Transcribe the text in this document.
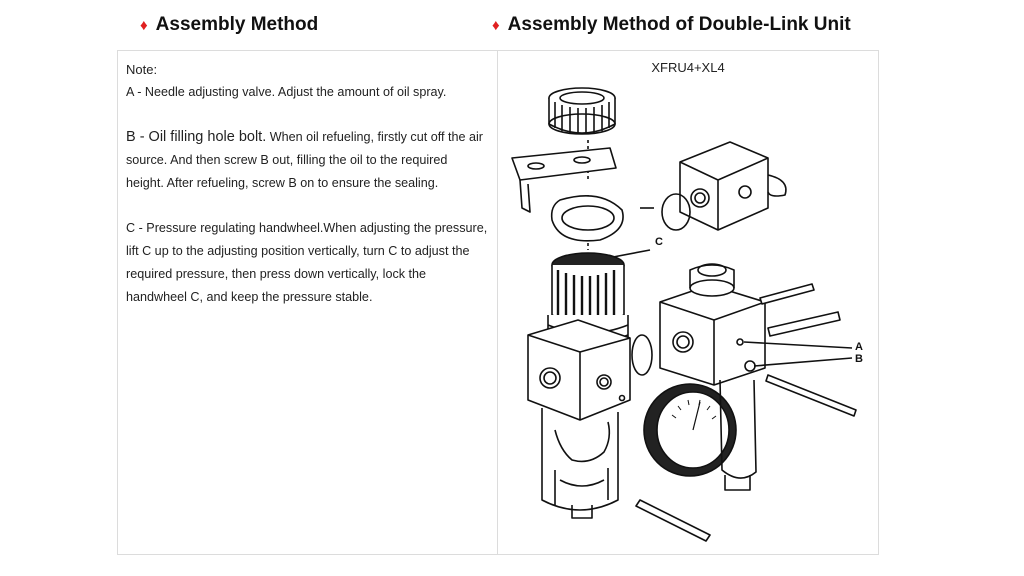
♦ Assembly Method	♦ Assembly Method of Double-Link Unit

Note:

A - Needle adjusting valve. Adjust the amount of oil spray.

B - Oil filling hole bolt. When oil refueling, firstly cut off the air source. And then screw B out, filling the oil to the required height. After refueling, screw B on to ensure the sealing.

C - Pressure regulating handwheel.When adjusting the pressure, lift C up to the adjusting position vertically, turn C to adjust the required pressure, then press down vertically, lock the handwheel C, and keep the pressure stable.

XFRU4+XL4
C
A
B
